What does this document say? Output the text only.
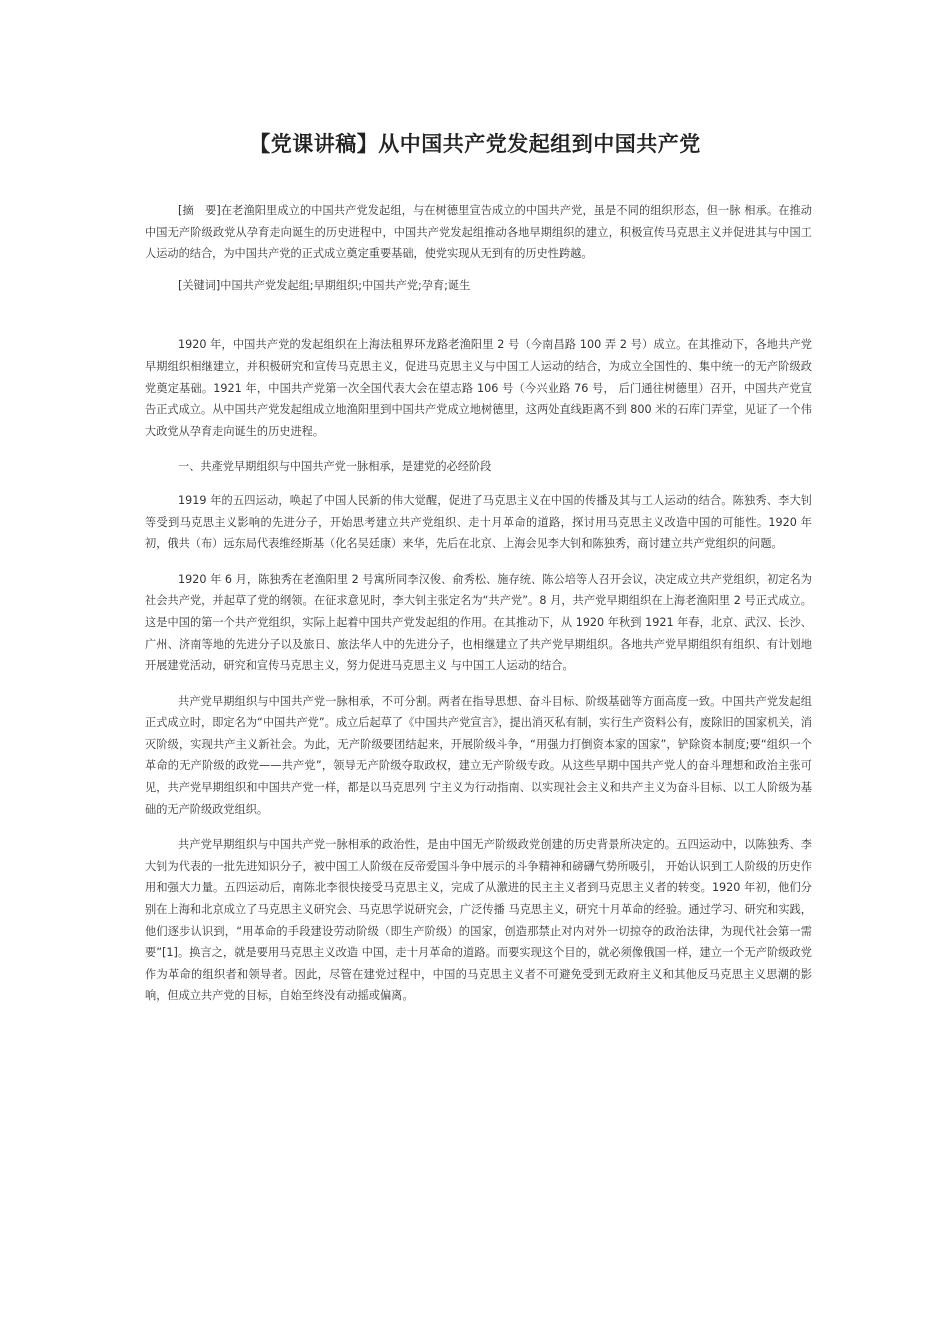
【党课讲稿】从中国共产党发起组到中国共产党

[摘　要]在老渔阳里成立的中国共产党发起组，与在树德里宣告成立的中国共产党，虽是不同的组织形态，但一脉 相承。在推动中国无产阶级政党从孕育走向诞生的历史进程中，中国共产党发起组推动各地早期组织的建立，积极宣传马克思主义并促进其与中国工人运动的结合，为中国共产党的正式成立奠定重要基础，使党实现从无到有的历史性跨越。

[关键词]中国共产党发起组;早期组织;中国共产党;孕育;诞生

1920 年，中国共产党的发起组织在上海法租界环龙路老渔阳里 2 号（今南昌路 100 弄 2 号）成立。在其推动下，各地共产党早期组织相继建立，并积极研究和宣传马克思主义，促进马克思主义与中国工人运动的结合，为成立全国性的、集中统一的无产阶级政党奠定基础。1921 年，中国共产党第一次全国代表大会在望志路 106 号（今兴业路 76 号， 后门通往树德里）召开，中国共产党宣告正式成立。从中国共产党发起组成立地渔阳里到中国共产党成立地树德里，这两处直线距离不到 800 米的石库门弄堂，见证了一个伟大政党从孕育走向诞生的历史进程。

一、共產党早期组织与中国共产党一脉相承，是建党的必经阶段

1919 年的五四运动，唤起了中国人民新的伟大觉醒，促进了马克思主义在中国的传播及其与工人运动的结合。陈独秀、李大钊等受到马克思主义影响的先进分子，开始思考建立共产党组织、走十月革命的道路，探讨用马克思主义改造中国的可能性。1920 年初，俄共（布）远东局代表维经斯基（化名吴廷康）来华，先后在北京、上海会见李大钊和陈独秀，商讨建立共产党组织的问题。

1920 年 6 月，陈独秀在老渔阳里 2 号寓所同李汉俊、俞秀松、施存统、陈公培等人召开会议，决定成立共产党组织，初定名为社会共产党，并起草了党的纲领。在征求意见时，李大钊主张定名为“共产党”。8 月，共产党早期组织在上海老渔阳里 2 号正式成立。这是中国的第一个共产党组织，实际上起着中国共产党发起组的作用。在其推动下，从 1920 年秋到 1921 年春，北京、武汉、长沙、广州、济南等地的先进分子以及旅日、旅法华人中的先进分子，也相继建立了共产党早期组织。各地共产党早期组织有组织、有计划地开展建党活动，研究和宣传马克思主义，努力促进马克思主义 与中国工人运动的结合。

共产党早期组织与中国共产党一脉相承，不可分割。两者在指导思想、奋斗目标、阶级基础等方面高度一致。中国共产党发起组正式成立时，即定名为“中国共产党”。成立后起草了《中国共产党宣言》，提出消灭私有制，实行生产资料公有，废除旧的国家机关，消灭阶级，实现共产主义新社会。为此，无产阶级要团结起来，开展阶级斗争，“用强力打倒资本家的国家”，铲除资本制度;要“组织一个革命的无产阶级的政党——共产党”，领导无产阶级夺取政权，建立无产阶级专政。从这些早期中国共产党人的奋斗理想和政治主张可见，共产党早期组织和中国共产党一样，都是以马克思列 宁主义为行动指南、以实现社会主义和共产主义为奋斗目标、以工人阶级为基础的无产阶级政党组织。

共产党早期组织与中国共产党一脉相承的政治性，是由中国无产阶级政党创建的历史背景所决定的。五四运动中，以陈独秀、李大钊为代表的一批先进知识分子，被中国工人阶级在反帝爱国斗争中展示的斗争精神和磅礴气势所吸引， 开始认识到工人阶级的历史作用和强大力量。五四运动后，南陈北李很快接受马克思主义，完成了从激进的民主主义者到马克思主义者的转变。1920 年初，他们分别在上海和北京成立了马克思主义研究会、马克思学说研究会，广泛传播 马克思主义，研究十月革命的经验。通过学习、研究和实践，他们逐步认识到，“用革命的手段建设劳动阶级（即生产阶级）的国家，创造那禁止对内对外一切掠夺的政治法律，为现代社会第一需要”[1]。换言之，就是要用马克思主义改造 中国，走十月革命的道路。而要实现这个目的，就必须像俄国一样，建立一个无产阶级政党作为革命的组织者和领导者。因此，尽管在建党过程中，中国的马克思主义者不可避免受到无政府主义和其他反马克思主义思潮的影响，但成立共产党的目标，自始至终没有动摇或偏离。
